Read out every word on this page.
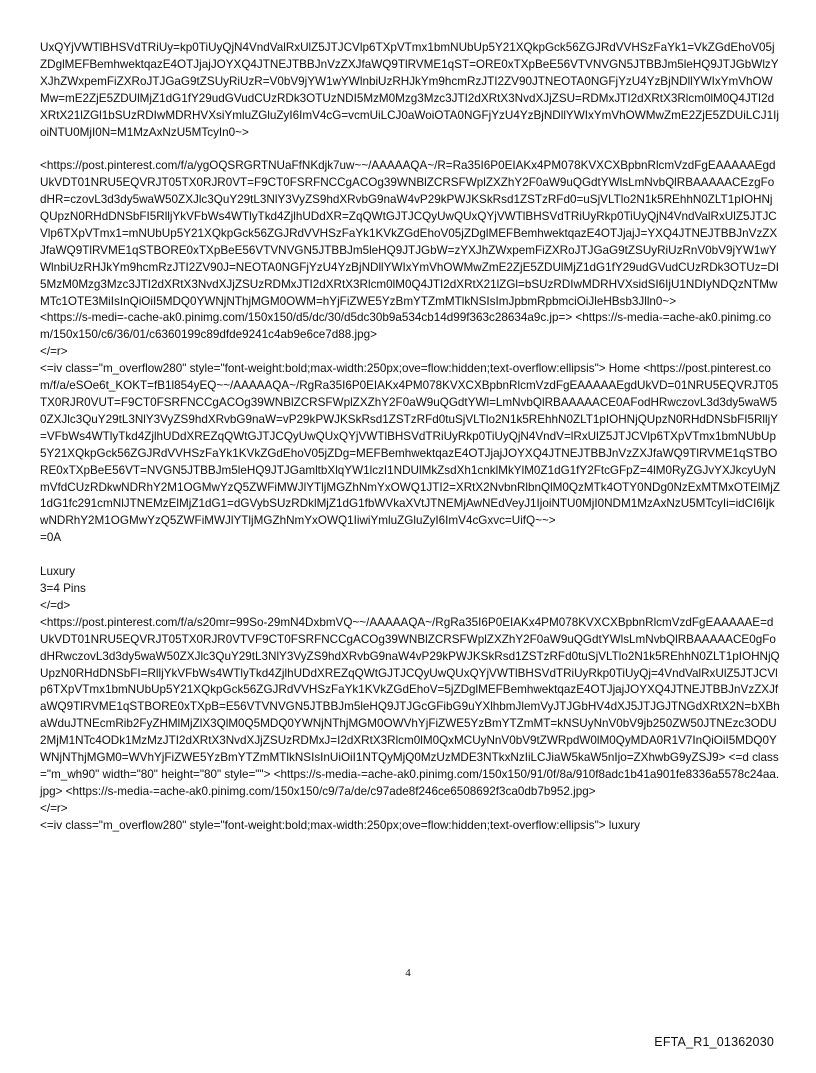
UxQYjVWTlBHSVdTRiUy=kp0TiUyQjN4VndValRxUlZ5JTJCVlp6TXpVTmx1bmNUbUp5Y21XQkpGck56ZGJRdVVHSzFaYk1=VkZGdEhoV05jZDglMEFBemhwektqazE4OTJjajJOYXQ4JTNEJTBBJnVzZXJfaWQ9TlRVME1qST=ORE0xTXpBeE56VTVNVGN5JTBBJm5leHQ9JTJGbWlzYXJhZWxpemFiZXRoJTJGaG9tZSUyRiUzR=V0bV9jYW1wYWlnbiUzRHJkYm9hcmRzJTI2ZV90JTNEOTA0NGFjYzU4YzBjNDllYWIxYmVhOWMw=mE2ZjE5ZDUlMjZ1dG1fY29udGVudCUzRDk3OTUzNDI5MzM0Mzg3Mzc3JTI2dXRtX3NvdXJjZSU=RDMxJTI2dXRtX3Rlcm0lM0Q4JTI2dXRtX21lZGl1bSUzRDIwMDRHVXsiYmluZGluZyI6ImV4cG=vcmUiLCJ0aWoiOTA0NGFjYzU4YzBjNDllYWIxYmVhOWMwZmE2ZjE5ZDUiLCJ1IjoiNTU0MjI0N=M1MzAxNzU5MTcyIn0~>

<https://post.pinterest.com/f/a/ygOQSRGRTNUaFfNKdjk7uw~~/AAAAAQA~/R=Ra35I6P0EIAKx4PM078KVXCXBpbnRlcmVzdFgEAAAAAEgdUkVDT01NRU5EQVRJT05TX0RJR0VT=F9CT0FSRFNCCgACOg39WNBlZCRSFWplZXZhY2F0aW9uQGdtYWlsLmNvbQlRBAAAAACEzgFodHR=czovL3d3dy5waW50ZXJlc3QuY29tL3NlY3VyZS9hdXRvbG9naW4vP29kPWJKSkRsd1ZSTzRFd0=uSjVLTlo2N1k5REhhN0ZLT1pIOHNjQUpzN0RHdDNSbFI5RlljYkVFbWs4WTlyTkd4ZjlhUDdXR=ZqQWtGJTJCQyUwQUxQYjVWTlBHSVdTRiUyRkp0TiUyQjN4VndValRxUlZ5JTJCVlp6TXpVTmx1=mNUbUp5Y21XQkpGck56ZGJRdVVHSzFaYk1KVkZGdEhoV05jZDglMEFBemhwektqazE4OTJjajJ=YXQ4JTNEJTBBJnVzZXJfaWQ9TlRVME1qSTBORE0xTXpBeE56VTVNVGN5JTBBJm5leHQ9JTJGbW=zYXJhZWxpemFiZXRoJTJGaG9tZSUyRiUzRnV0bV9jYW1wYWlnbiUzRHJkYm9hcmRzJTI2ZV90J=NEOTA0NGFjYzU4YzBjNDllYWIxYmVhOWMwZmE2ZjE5ZDUlMjZ1dG1fY29udGVudCUzRDk3OTUz=DI5MzM0Mzg3Mzc3JTI2dXRtX3NvdXJjZSUzRDMxJTI2dXRtX3Rlcm0lM0Q4JTI2dXRtX21lZGl=bSUzRDIwMDRHVXsidSI6IjU1NDIyNDQzNTMwMTc1OTE3MiIsInQiOiI5MDQ0YWNjNThjMGM0OWM=hYjFiZWE5YzBmYTZmMTlkNSIsImJpbmRpbmciOiJleHBsb3Jlln0~>

<https://s-medi=-cache-ak0.pinimg.com/150x150/d5/dc/30/d5dc30b9a534cb14d99f363c28634a9c.jp=> <https://s-media-=ache-ak0.pinimg.com/150x150/c6/36/01/c6360199c89dfde9241c4ab9e6ce7d88.jpg>

</=r>

<=iv class="m_overflow280" style="font-weight:bold;max-width:250px;ove=flow:hidden;text-overflow:ellipsis"> Home <https://post.pinterest.com/f/a/eSOe6t_KOKT=fB1l854yEQ~~/AAAAAQA~/RgRa35I6P0EIAKx4PM078KVXCXBpbnRlcmVzdFgEAAAAAEgdUkVD=01NRU5EQVRJT05TX0RJR0VUT=F9CT0FSRFNCCgACOg39WNBlZCRSFWplZXZhY2F0aW9uQGdtYWl=LmNvbQlRBAAAAACE0AFodHRwczovL3d3dy5waW50ZXJlc3QuY29tL3NlY3VyZS9hdXRvbG9naW=vP29kPWJKSkRsd1ZSTzRFd0tuSjVLTlo2N1k5REhhN0ZLT1pIOHNjQUpzN0RHdDNSbFI5RlljY=VFbWs4WTlyTkd4ZjlhUDdXREZqQWtGJTJCQyUwQUxQYjVWTlBHSVdTRiUyRkp0TiUyQjN4VndV=lRxUlZ5JTJCVlp6TXpVTmx1bmNUbUp5Y21XQkpGck56ZGJRdVVHSzFaYk1KVkZGdEhoV05jZDg=MEFBemhwektqazE4OTJjajJOYXQ4JTNEJTBBJnVzZXJfaWQ9TlRVME1qSTBORE0xTXpBeE56VT=NVGN5JTBBJm5leHQ9JTJGamltbXlqYW1lczI1NDUlMkZsdXh1cnklMkYlM0Z1dG1fY2FtcGFpZ=4lM0RyZGJvYXJkcyUyNmVfdCUzRDkwNDRhY2M1OGMwYzQ5ZWFiMWJlYTljMGZhNmYxOWQ1JTI2=XRtX2NvbnRlbnQlM0QzMTk4OTY0NDg0NzExMTMxOTElMjZ1dG1fc291cmNlJTNEMzElMjZ1dG1=dGVybSUzRDklMjZ1dG1fbWVkaXVtJTNEMjAwNEdVeyJ1IjoiNTU0MjI0NDM1MzAxNzU5MTcyIi=idCI6IjkwNDRhY2M1OGMwYzQ5ZWFiMWJlYTljMGZhNmYxOWQ1IiwiYmluZGluZyI6ImV4cGxvc=UifQ~~>

=0A

Luxury

3=4 Pins

</=d>

<https://post.pinterest.com/f/a/s20mr=99So-29mN4DxbmVQ~~/AAAAAQA~/RgRa35I6P0EIAKx4PM078KVXCXBpbnRlcmVzdFgEAAAAAE=dUkVDT01NRU5EQVRJT05TX0RJR0VTVF9CT0FSRFNCCgACOg39WNBlZCRSFWplZXZhY2F0aW9uQGdtYWlsLmNvbQlRBAAAAACE0gFodHRwczovL3d3dy5waW50ZXJlc3QuY29tL3NlY3VyZS9hdXRvbG9naW4vP29kPWJKSkRsd1ZSTzRFd0tuSjVLTlo2N1k5REhhN0ZLT1pIOHNjQUpzN0RHdDNSbFI=RlljYkVFbWs4WTlyTkd4ZjlhUDdXREZqQWtGJTJCQyUwQUxQYjVWTlBHSVdTRiUyRkp0TiUyQj=4VndValRxUlZ5JTJCVlp6TXpVTmx1bmNUbUp5Y21XQkpGck56ZGJRdVVHSzFaYk1KVkZGdEhoV=5jZDglMEFBemhwektqazE4OTJjajJOYXQ4JTNEJTBBJnVzZXJfaWQ9TlRVME1qSTBORE0xTXpB=E56VTVNVGN5JTBBJm5leHQ9JTJGcGFibG9uYXlhbmJlemVyJTJGbHV4dXJ5JTJGJTNGdXRtX2N=bXBhaWduJTNEcmRib2FyZHMlMjZlX3QlM0Q5MDQ0YWNjNThjMGM0OWVhYjFiZWE5YzBmYTZmMT=kNSUyNnV0bV9jb250ZW50JTNEzc3ODU2MjM1NTc4ODk1MzMzJTI2dXRtX3NvdXJjZSUzRDMxJ=I2dXRtX3Rlcm0lM0QxMCUyNnV0bV9tZWRpdW0lM0QyMDA0R1V7InQiOiI5MDQ0YWNjNThjMGM0=WVhYjFiZWE5YzBmYTZmMTlkNSIsInUiOiI1NTQyMjQ0MzUzMDE3NTkxNzIiLCJiaW5kaW5nIjo=ZXhwbG9yZSJ9> <=d class="m_wh90" width="80" height="80" style=""> <https://s-media-=ache-ak0.pinimg.com/150x150/91/0f/8a/910f8adc1b41a901fe8336a5578c24aa.jpg> <https://s-media-=ache-ak0.pinimg.com/150x150/c9/7a/de/c97ade8f246ce6508692f3ca0db7b952.jpg>

</=r>

<=iv class="m_overflow280" style="font-weight:bold;max-width:250px;ove=flow:hidden;text-overflow:ellipsis"> luxury

4
EFTA_R1_01362030
